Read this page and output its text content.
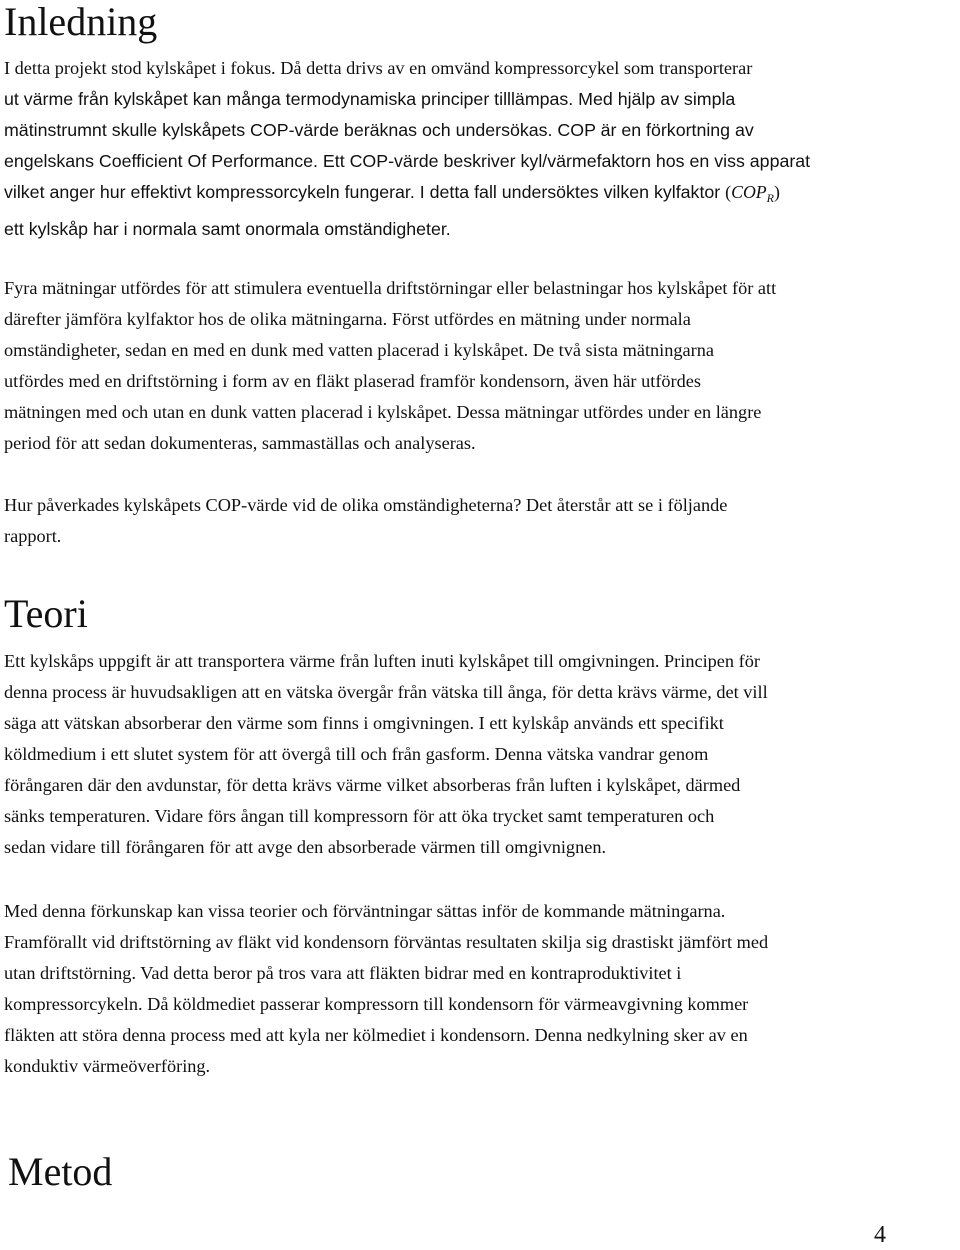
Inledning
I detta projekt stod kylskåpet i fokus. Då detta drivs av en omvänd kompressorcykel som transporterar
ut värme från kylskåpet kan många termodynamiska principer tilllämpas. Med hjälp av simpla
mätinstrumnt skulle kylskåpets COP-värde beräknas och undersökas. COP är en förkortning av
engelskans Coefficient Of Performance. Ett COP-värde beskriver kyl/värmefaktorn hos en viss apparat
vilket anger hur effektivt kompressorcykeln fungerar. I detta fall undersöktes vilken kylfaktor $(COP_R)$
ett kylskåp har i normala samt onormala omständigheter.
Fyra mätningar utfördes för att stimulera eventuella driftstörningar eller belastningar hos kylskåpet för att
därefter jämföra kylfaktor hos de olika mätningarna. Först utfördes en mätning under normala
omständigheter, sedan en med en dunk med vatten placerad i kylskåpet. De två sista mätningarna
utfördes med en driftstörning i form av en fläkt plaserad framför kondensorn, även här utfördes
mätningen med och utan en dunk vatten placerad i kylskåpet. Dessa mätningar utfördes under en längre
period för att sedan dokumenteras, sammaställas och analyseras.
Hur påverkades kylskåpets COP-värde vid de olika omständigheterna? Det återstår att se i följande
rapport.
Teori
Ett kylskåps uppgift är att transportera värme från luften inuti kylskåpet till omgivningen. Principen för
denna process är huvudsakligen att en vätska övergår från vätska till ånga, för detta krävs värme, det vill
säga att vätskan absorberar den värme som finns i omgivningen. I ett kylskåp används ett specifikt
köldmedium i ett slutet system för att övergå till och från gasform. Denna vätska vandrar genom
förångaren där den avdunstar, för detta krävs värme vilket absorberas från luften i kylskåpet, därmed
sänks temperaturen. Vidare förs ångan till kompressorn för att öka trycket samt temperaturen och
sedan vidare till förångaren för att avge den absorberade värmen till omgivnignen.
Med denna förkunskap kan vissa teorier och förväntningar sättas inför de kommande mätningarna.
Framförallt vid driftstörning av fläkt vid kondensorn förväntas resultaten skilja sig drastiskt jämfört med
utan driftstörning. Vad detta beror på tros vara att fläkten bidrar med en kontraproduktivitet i
kompressorcykeln. Då köldmediet passerar kompressorn till kondensorn för värmeavgivning kommer
fläkten att störa denna process med att kyla ner kölmediet i kondensorn. Denna nedkylning sker av en
konduktiv värmeöverföring.
Metod
4
